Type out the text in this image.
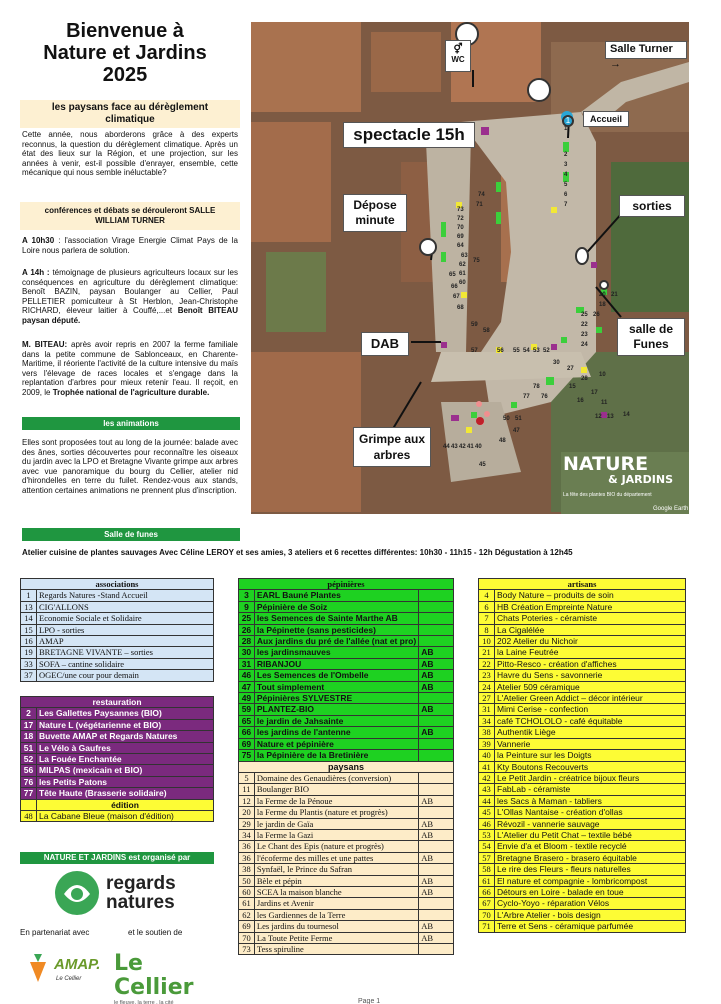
Bienvenue à
Nature et Jardins
2025
les paysans face au dérèglement climatique
Cette année, nous aborderons grâce à des experts reconnus, la question du dérèglement climatique. Après un état des lieux sur la Région, et une projection, sur les années à venir, est-il possible d'enrayer, ensemble, cette mécanique qui nous semble inéluctable?
conférences et débats se dérouleront SALLE WILLIAM TURNER
A 10h30 : l'association Virage Energie Climat Pays de la Loire nous parlera de solution.
A 14h : témoignage de plusieurs agriculteurs locaux sur les conséquences en agriculture du dérèglement climatique: Benoît BAZIN, paysan Boulanger au Cellier, Paul PELLETIER pomiculteur à St Herblon, Jean-Christophe RICHARD, éleveur laitier à Couffé,...et Benoît BITEAU paysan député.
M. BITEAU: après avoir repris en 2007 la ferme familiale dans la petite commune de Sablonceaux, en Charente-Maritime, il réoriente l'activité de la culture intensive du maïs vers l'élevage de races locales et s'engage dans la replantation d'arbres pour mieux retenir l'eau. Il reçoit, en 2009, le Trophée national de l'agriculture durable.
les animations
Elles sont proposées tout au long de la journée: balade avec des ânes, sorties découvertes pour reconnaître les oiseaux du jardin avec la LPO et Bretagne Vivante grimpe aux arbres avec vue panoramique du bourg du Cellier, atelier nid d'hirondelles en terre du fuilet. Rendez-vous aux stands, attention certaines animations ne prennent plus d'inscription.
Salle de funes
Atelier cuisine de plantes sauvages Avec Céline LEROY et ses amies, 3 ateliers et 6 recettes différentes: 10h30 - 11h15 - 12h Dégustation à 12h45
1
⚥
WC
Salle Turner →
Accueil
spectacle 15h
Dépose minute
sorties
salle de Funes
DAB
Grimpe aux arbres	NATURE
& JARDINS
La fête des plantes BIO du département
Google Earth
1
2
3
4
5
6
7
74
71
73
72
70
69
64
63
62
61
60
75
65
66
67
68
59
58
56 55 54 53 52
57
44 43 42 41 40
45
47
48
50 51
77
78
76
30
27
28
25 26
22
23
24
20 21
18
10
15
16
17
11
12 13 14
associations	
1	Regards Natures -Stand Accueil
13	CIG'ALLONS
14	Economie Sociale et Solidaire
15	LPO - sorties
16	AMAP
19	BRETAGNE VIVANTE – sorties
33	SOFA – cantine solidaire
37	OGEC/une cour pour demain
restauration	
2	Les Gallettes Paysannes (BIO)
17	Nature L (végétarienne et BIO)
18	Buvette AMAP et Regards Natures
51	Le Vélo à Gaufres
52	La Fouée Enchantée
56	MILPAS (mexicain et BIO)
76	les Petits Patons
77	Tête Haute (Brasserie solidaire)
	édition
48	La Cabane Bleue (maison d'édition)
NATURE ET JARDINS est organisé par
regards
natures
En partenariat avec	et le soutien de
AMAP.
Le Cellier
Le Cellier
le fleuve, la terre , la cité
pépinières		
3	EARL Bauné Plantes	
9	Pépinière de Soiz	
25	les Semences de Sainte Marthe AB	
26	la Pépinette (sans pesticides)	
28	Aux jardins du pré de l'allée (nat et pro)	
30	les jardinsmauves	AB
31	RIBANJOU	AB
46	Les Semences de l'Ombelle	AB
47	Tout simplement	AB
49	Pépinières SYLVESTRE	
59	PLANTEZ-BIO	AB
65	le jardin de Jahsainte	
66	les jardins de l'antenne	AB
69	Nature et pépinière	
75	la Pépinière de la Bretinière	
paysans		
5	Domaine des Genaudières (conversion)	
11	Boulanger BIO	
12	la Ferme de la Pénoue	AB
20	la Ferme du Plantis (nature et progrès)	
29	le jardin de Gaïa	AB
34	la Ferme la Gazi	AB
36	Le Chant des Epis (nature et progrès)	
36	l'écoferme des milles et une pattes	AB
38	Synfaël, le Prince du Safran	
50	Bèle et pépin	AB
60	SCEA la maison blanche	AB
61	Jardins et Avenir	
62	les Gardiennes de la Terre	
69	Les jardins du tournesol	AB
70	La Toute Petite Ferme	AB
73	Tess spiruline	
artisans	
4	Body Nature – produits de soin
6	HB Création Empreinte Nature
7	Chats Poteries - céramiste
8	La Cigalélée
10	202 Atelier du Nichoir
21	la Laine Feutrée
22	Pitto-Resco - création d'affiches
23	Havre du Sens - savonnerie
24	Atelier 509 céramique
27	L'Atelier Green Addict – décor intérieur
31	Mimi Cerise - confection
34	café TCHOLOLO - café équitable
38	Authentik Liège
39	Vannerie
40	la Peinture sur les Doigts
41	Kty Boutons Recouverts
42	Le Petit Jardin - créatrice bijoux fleurs
43	FabLab - céramiste
44	les Sacs à Maman - tabliers
45	L'Ollas Nantaise - création d'ollas
46	Révozil - vannerie sauvage
53	L'Atelier du Petit Chat – textile bébé
54	Envie d'a et Bloom - textile recyclé
57	Bretagne Brasero - brasero équitable
58	Le rire des Fleurs - fleurs naturelles
61	El nature et compagnie - lombricompost
66	Détours en Loire - balade en toue
67	Cyclo-Yoyo - réparation Vélos
70	L'Arbre Atelier - bois design
71	Terre et Sens - céramique parfumée
Page 1
